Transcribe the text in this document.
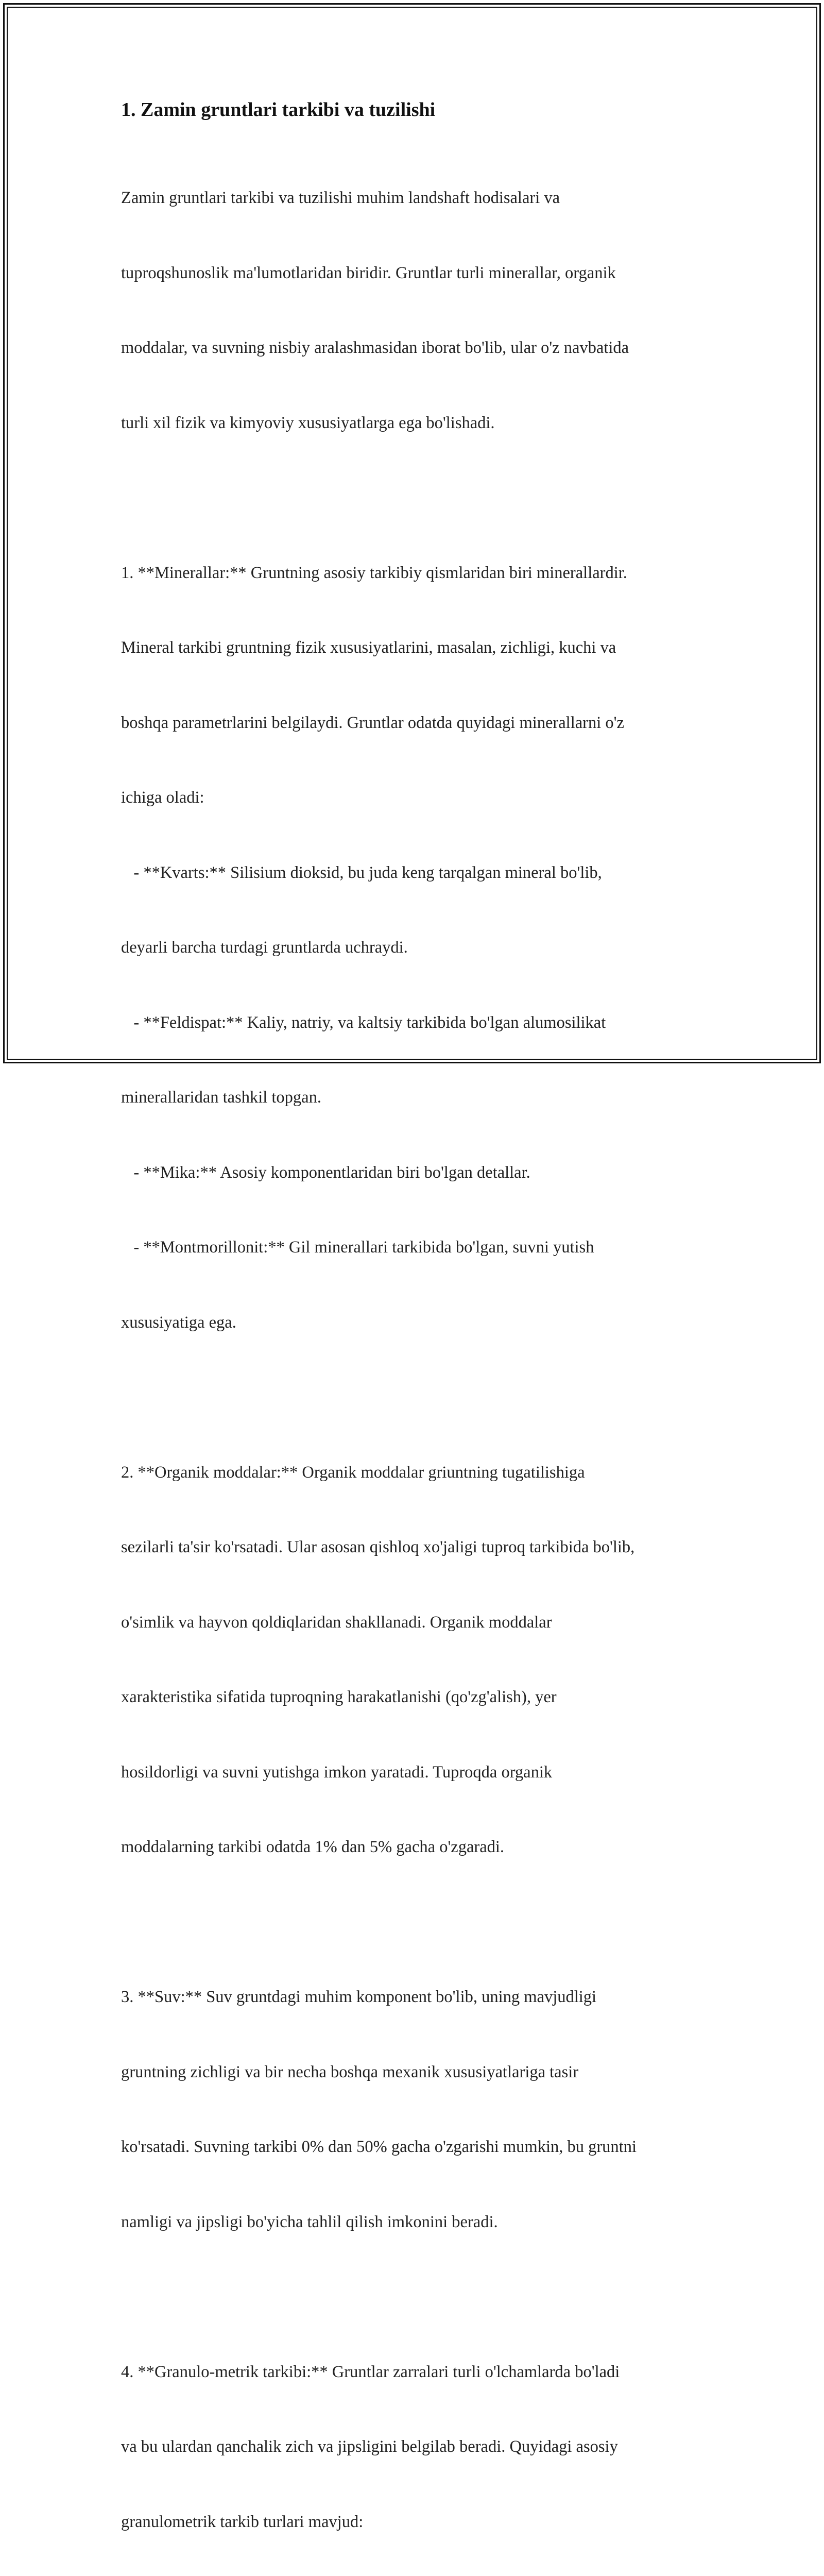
1. Zamin gruntlari tarkibi va tuzilishi

Zamin gruntlari tarkibi va tuzilishi muhim landshaft hodisalari va

tuproqshunoslik ma'lumotlaridan biridir. Gruntlar turli minerallar, organik

moddalar, va suvning nisbiy aralashmasidan iborat bo'lib, ular o'z navbatida

turli xil fizik va kimyoviy xususiyatlarga ega bo'lishadi.

1. **Minerallar:** Gruntning asosiy tarkibiy qismlaridan biri minerallardir.

Mineral tarkibi gruntning fizik xususiyatlarini, masalan, zichligi, kuchi va

boshqa parametrlarini belgilaydi. Gruntlar odatda quyidagi minerallarni o'z

ichiga oladi:

- **Kvarts:** Silisium dioksid, bu juda keng tarqalgan mineral bo'lib,

deyarli barcha turdagi gruntlarda uchraydi.

- **Feldispat:** Kaliy, natriy, va kaltsiy tarkibida bo'lgan alumosilikat

minerallaridan tashkil topgan.

- **Mika:** Asosiy komponentlaridan biri bo'lgan detallar.

- **Montmorillonit:** Gil minerallari tarkibida bo'lgan, suvni yutish

xususiyatiga ega.

2. **Organik moddalar:** Organik moddalar griuntning tugatilishiga

sezilarli ta'sir ko'rsatadi. Ular asosan qishloq xo'jaligi tuproq tarkibida bo'lib,

o'simlik va hayvon qoldiqlaridan shakllanadi. Organik moddalar

xarakteristika sifatida tuproqning harakatlanishi (qo'zg'alish), yer

hosildorligi va suvni yutishga imkon yaratadi. Tuproqda organik

moddalarning tarkibi odatda 1% dan 5% gacha o'zgaradi.

3. **Suv:** Suv gruntdagi muhim komponent bo'lib, uning mavjudligi

gruntning zichligi va bir necha boshqa mexanik xususiyatlariga tasir

ko'rsatadi. Suvning tarkibi 0% dan 50% gacha o'zgarishi mumkin, bu gruntni

namligi va jipsligi bo'yicha tahlil qilish imkonini beradi.

4. **Granulo-metrik tarkibi:** Gruntlar zarralari turli o'lchamlarda bo'ladi

va bu ulardan qanchalik zich va jipsligini belgilab beradi. Quyidagi asosiy

granulometrik tarkib turlari mavjud:
